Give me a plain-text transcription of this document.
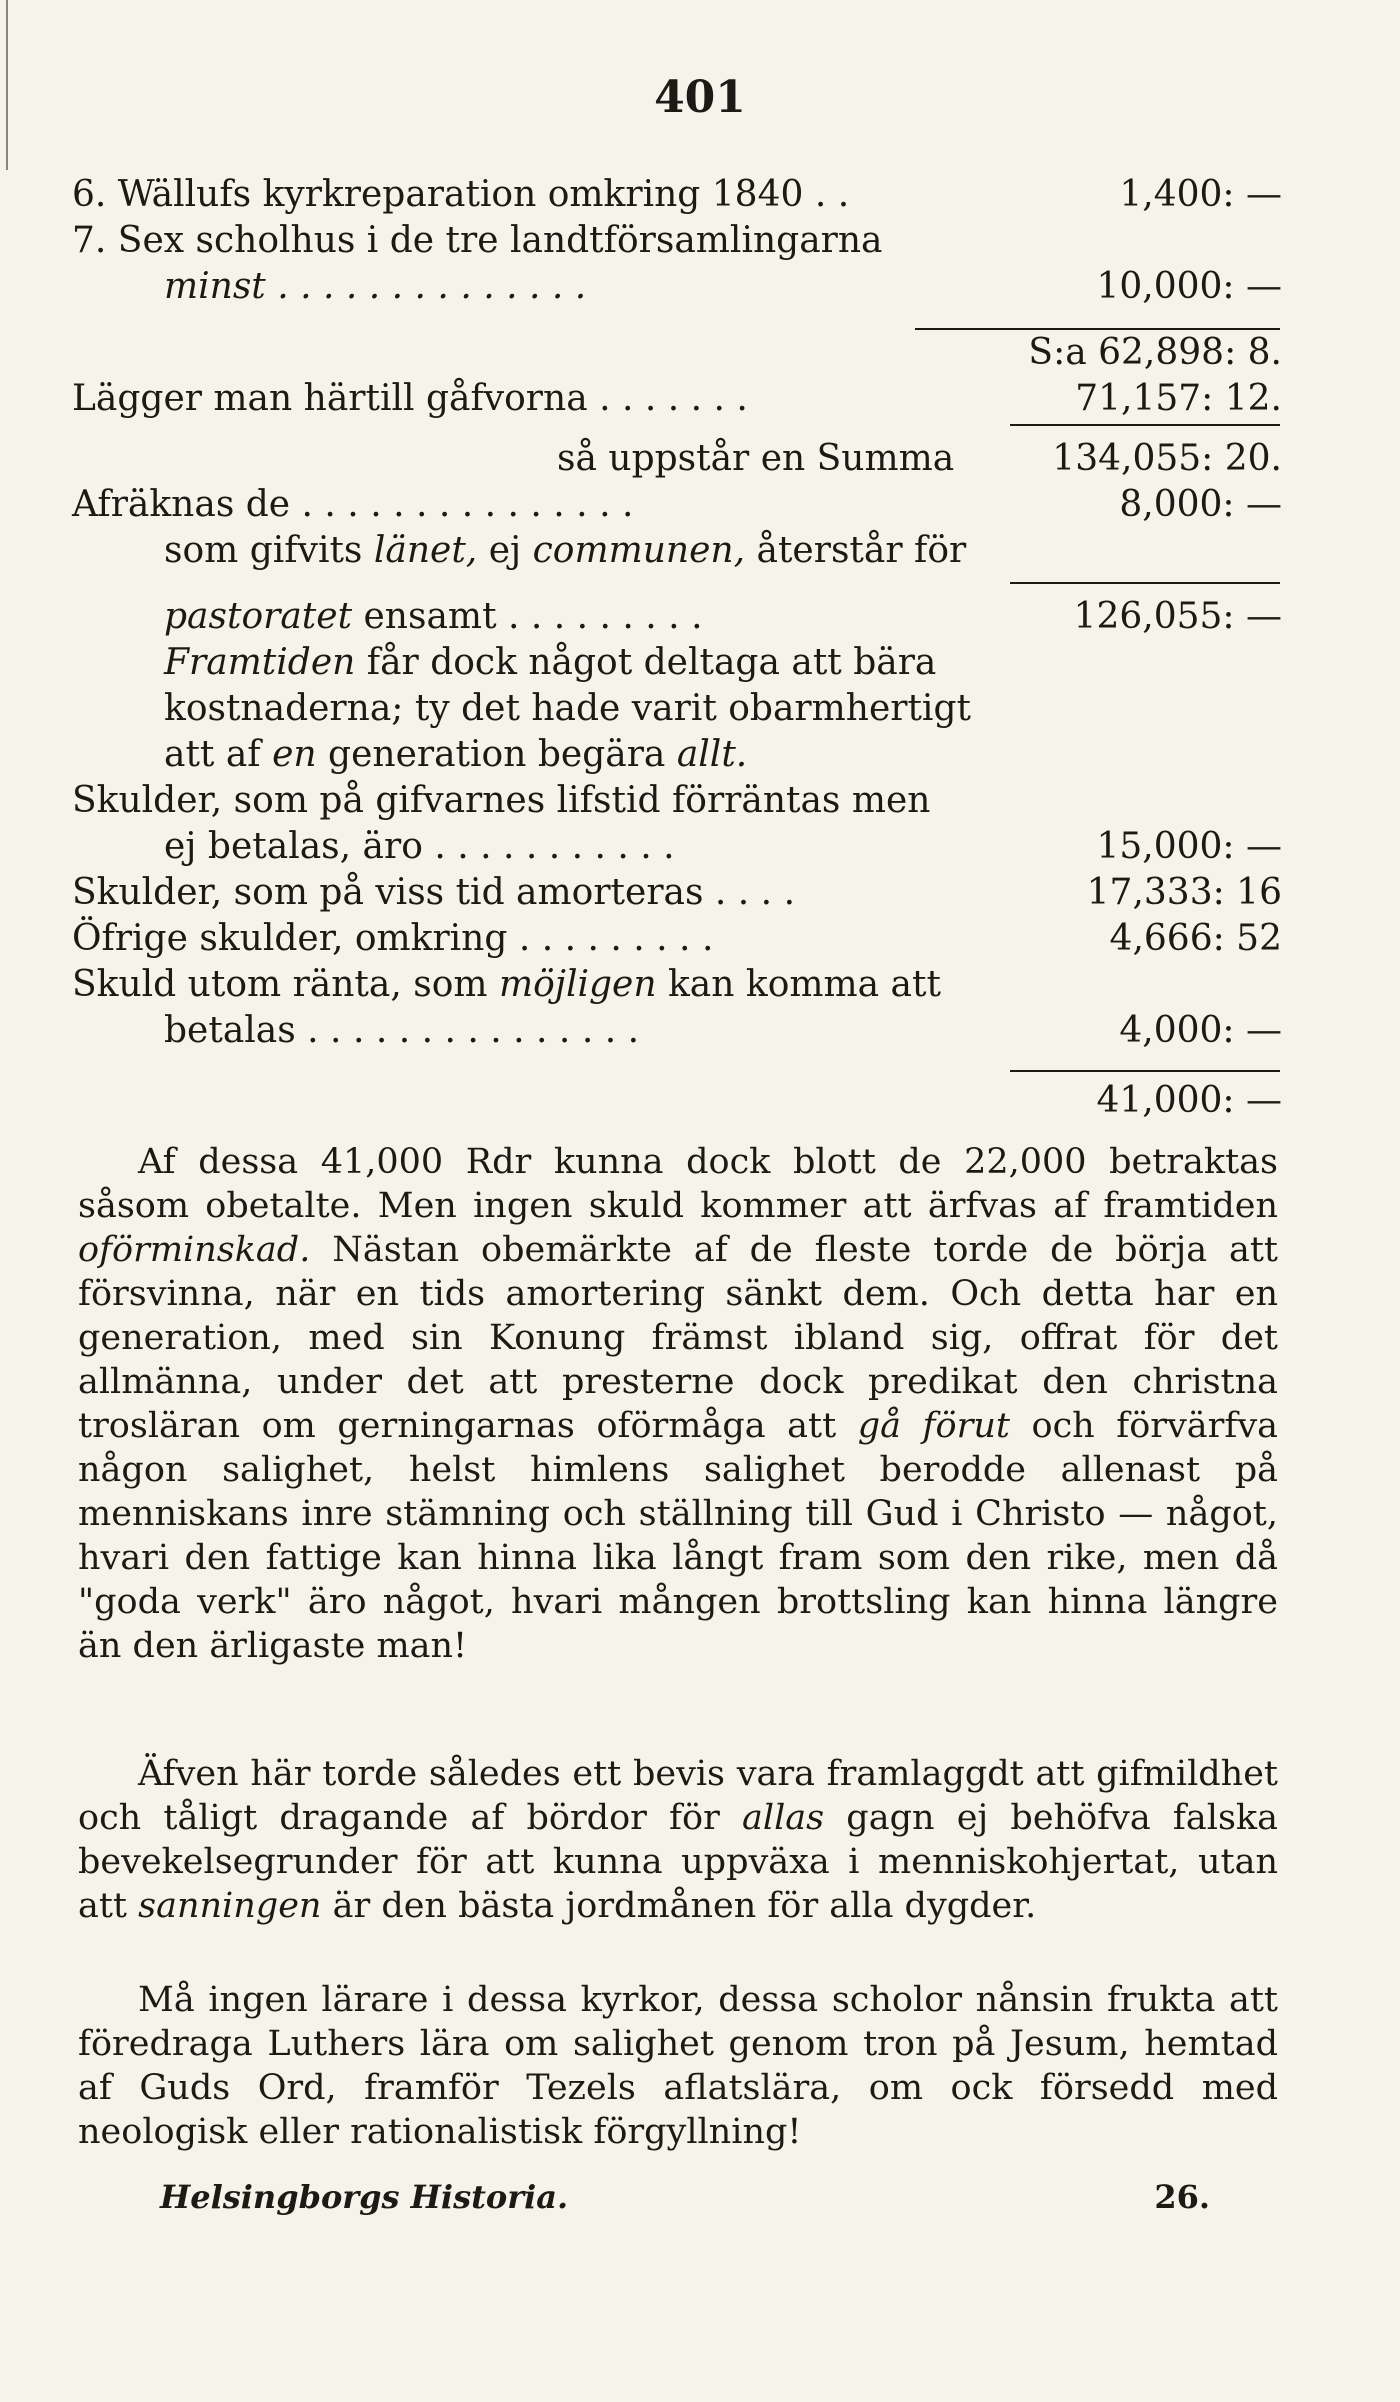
401
6. Wällufs kyrkreparation omkring 1840 . .	1,400: —
7. Sex scholhus i de tre landtförsamlingarna
minst . . . . . . . . . . . . . .	10,000: —
S:a 62,898: 8.
Lägger man härtill gåfvorna . . . . . . .	71,157: 12.
så uppstår en Summa	134,055: 20.
Afräknas de . . . . . . . . . . . . . . .	8,000: —
som gifvits länet, ej communen, återstår för
pastoratet ensamt . . . . . . . . .	126,055: —
Framtiden får dock något deltaga att bära
kostnaderna; ty det hade varit obarmhertigt
att af en generation begära allt.
Skulder, som på gifvarnes lifstid förräntas men
ej betalas, äro . . . . . . . . . . .	15,000: —
Skulder, som på viss tid amorteras . . . .	17,333: 16
Öfrige skulder, omkring . . . . . . . . .	4,666: 52
Skuld utom ränta, som möjligen kan komma att
betalas . . . . . . . . . . . . . . .	4,000: —
41,000: —

Af dessa 41,000 Rdr kunna dock blott de 22,000 betraktas såsom obetalte. Men ingen skuld kommer att ärfvas af framtiden oförminskad. Nästan obemärkte af de fleste torde de börja att försvinna, när en tids amortering sänkt dem. Och detta har en generation, med sin Konung främst ibland sig, offrat för det allmänna, under det att presterne dock predikat den christna trosläran om gerningarnas oförmåga att gå förut och förvärfva någon salighet, helst himlens salighet berodde allenast på menniskans inre stämning och ställning till Gud i Christo — något, hvari den fattige kan hinna lika långt fram som den rike, men då "goda verk" äro något, hvari mången brottsling kan hinna längre än den ärligaste man!

Äfven här torde således ett bevis vara framlaggdt att gifmildhet och tåligt dragande af bördor för allas gagn ej behöfva falska bevekelsegrunder för att kunna uppväxa i menniskohjertat, utan att sanningen är den bästa jordmånen för alla dygder.

Må ingen lärare i dessa kyrkor, dessa scholor nånsin frukta att föredraga Luthers lära om salighet genom tron på Jesum, hemtad af Guds Ord, framför Tezels aflatslära, om ock försedd med neologisk eller rationalistisk förgyllning!

Helsingborgs Historia.	26.
